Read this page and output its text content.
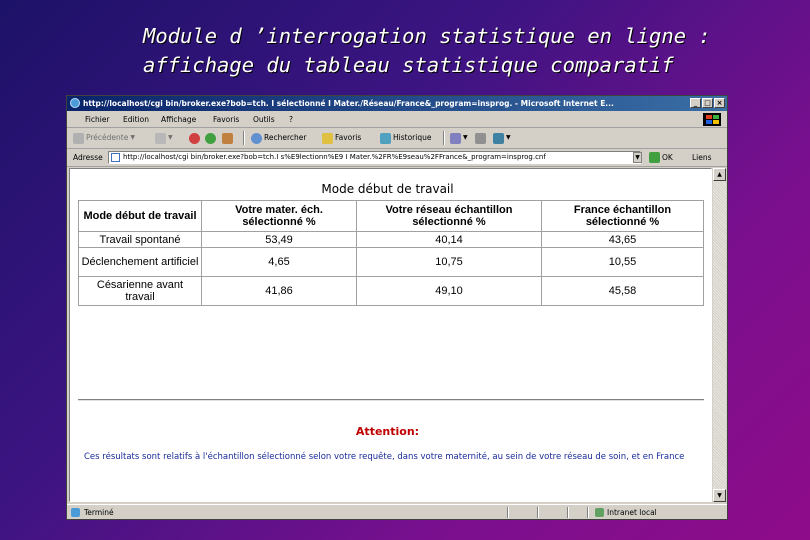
Module d ’interrogation statistique en ligne :
affichage du tableau statistique comparatif
http://localhost/cgi bin/broker.exe?bob=tch. I sélectionné I Mater./Réseau/France&_program=insprog. - Microsoft Internet E...	_ □ ×
Fichier Edition Affichage Favoris Outils ?
Précédente ▼	▼	Rechercher	Favoris	Historique	▼	▼
Adresse	http://localhost/cgi bin/broker.exe?bob=tch.I s%E9lectionn%E9 I Mater.%2FR%E9seau%2FFrance&_program=insprog.cnf	▼	OK	Liens
Mode début de travail
Mode début de travail	Votre mater. éch. sélectionné %	Votre réseau échantillon sélectionné %	France échantillon sélectionné %
Travail spontané	53,49	40,14	43,65
Déclenchement artificiel	4,65	10,75	10,55
Césarienne avant travail	41,86	49,10	45,58
Attention:
Ces résultats sont relatifs à l'échantillon sélectionné selon votre requête, dans votre maternité, au sein de votre réseau de soin, et en France
▲
▼
Terminé	Intranet local
